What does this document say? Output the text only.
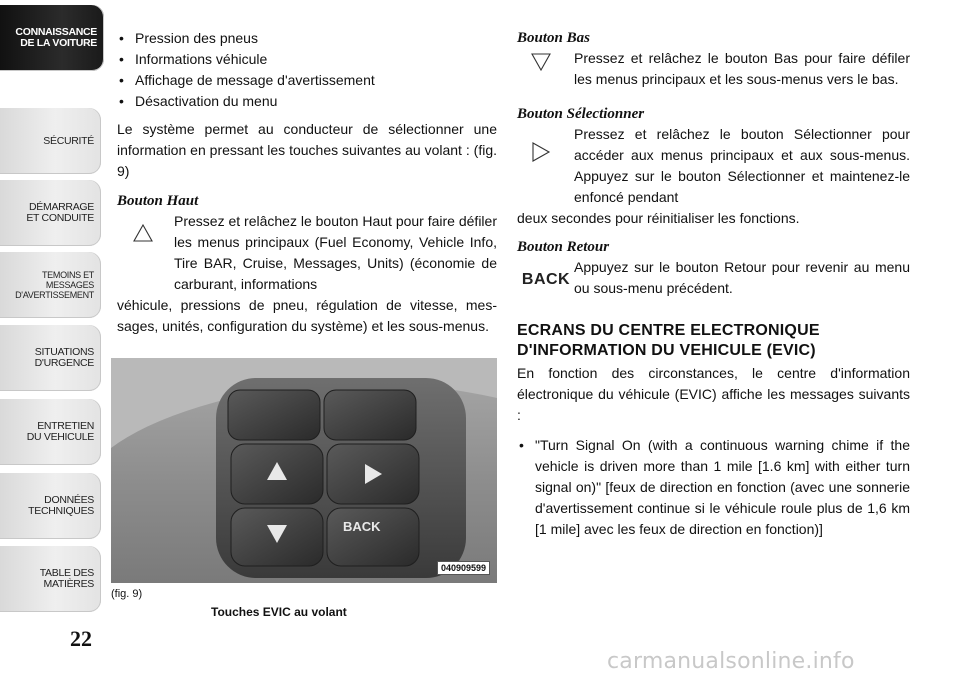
CONNAISSANCE
DE LA VOITURE
SÉCURITÉ
DÉMARRAGE
ET CONDUITE
TEMOINS ET
MESSAGES
D'AVERTISSEMENT
SITUATIONS
D'URGENCE
ENTRETIEN
DU VEHICULE
DONNÉES
TECHNIQUES
TABLE DES
MATIÈRES
22
• Pression des pneus
• Informations véhicule
• Affichage de message d'avertissement
• Désactivation du menu

Le système permet au conducteur de sélectionner une information en pressant les touches suivantes au volant : (fig. 9)

Bouton Haut
Pressez et relâchez le bouton Haut pour faire défiler les menus principaux (Fuel Economy, Vehicle Info, Tire BAR, Cruise, Messages, Units) (économie de carburant, informations
véhicule, pressions de pneu, régulation de vitesse, messages, unités, configuration du système) et les sous-menus.
BACK
040909599
(fig. 9)
Touches EVIC au volant
Bouton Bas
Pressez et relâchez le bouton Bas pour faire défiler les menus principaux et les sous-menus vers le bas.
Bouton Sélectionner
Pressez et relâchez le bouton Sélectionner pour accéder aux menus principaux et aux sous-menus. Appuyez sur le bouton Sélectionner et maintenez-le enfoncé pendant
deux secondes pour réinitialiser les fonctions.
Bouton Retour
BACK
Appuyez sur le bouton Retour pour revenir au menu ou sous-menu précédent.
ECRANS DU CENTRE ELECTRONIQUE
D'INFORMATION DU VEHICULE (EVIC)

En fonction des circonstances, le centre d'information électronique du véhicule (EVIC) affiche les messages suivants :

• "Turn Signal On (with a continuous warning chime if the vehicle is driven more than 1 mile [1.6 km] with either turn signal on)" [feux de direction en fonction (avec une sonnerie d'avertissement continue si le véhicule roule plus de 1,6 km [1 mile] avec les feux de direction en fonction)]
carmanualsonline.info
